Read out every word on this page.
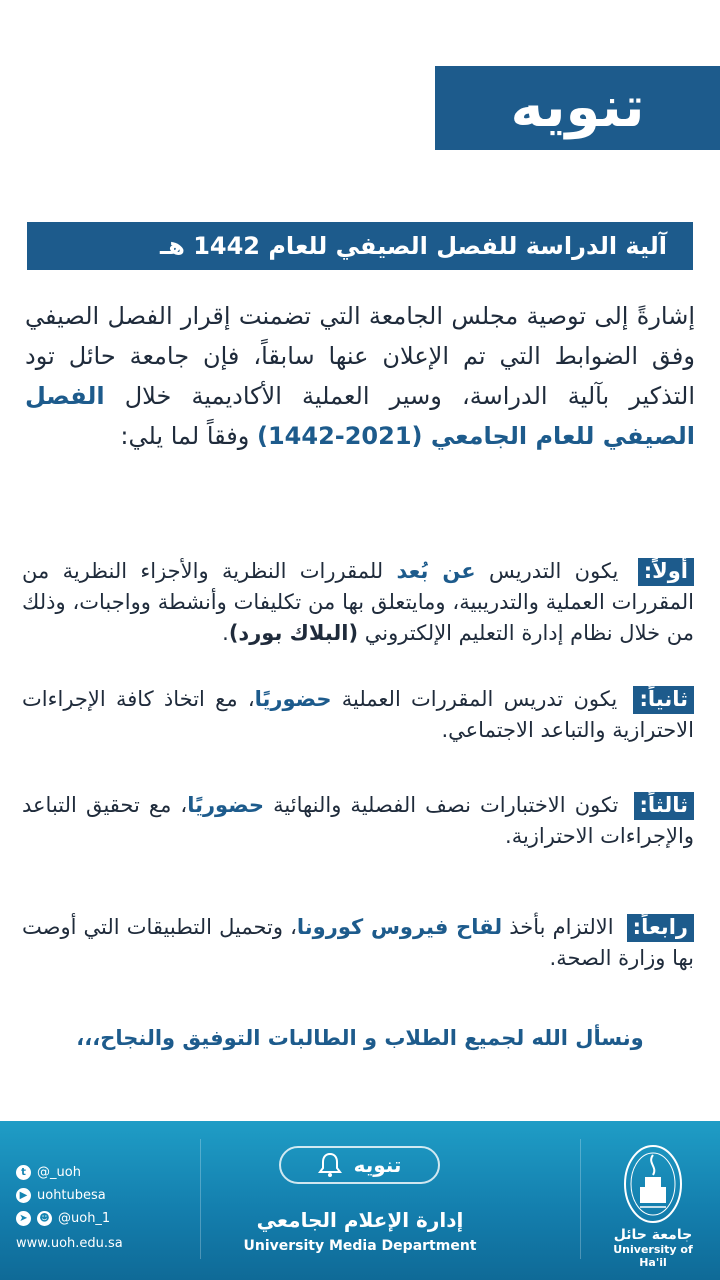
تنويه
آلية الدراسة للفصل الصيفي للعام 1442 هـ
إشارةً إلى توصية مجلس الجامعة التي تضمنت إقرار الفصل الصيفي وفق الضوابط التي تم الإعلان عنها سابقاً، فإن جامعة حائل تود التذكير بآلية الدراسة، وسير العملية الأكاديمية خلال الفصل الصيفي للعام الجامعي (2021-1442) وفقاً لما يلي:
أولاً: يكون التدريس عن بُعد للمقررات النظرية والأجزاء النظرية من المقررات العملية والتدريبية، ومايتعلق بها من تكليفات وأنشطة وواجبات، وذلك من خلال نظام إدارة التعليم الإلكتروني (البلاك بورد).
ثانياً: يكون تدريس المقررات العملية حضوريًا، مع اتخاذ كافة الإجراءات الاحترازية والتباعد الاجتماعي.
ثالثاً: تكون الاختبارات نصف الفصلية والنهائية حضوريًا، مع تحقيق التباعد والإجراءات الاحترازية.
رابعاً: الالتزام بأخذ لقاح فيروس كورونا، وتحميل التطبيقات التي أوصت بها وزارة الصحة.
ونسأل الله لجميع الطلاب و الطالبات التوفيق والنجاح،،،
t @_uoh
▶ uohtubesa
➤	☻ @uoh_1
www.uoh.edu.sa
تنويه
إدارة الإعلام الجامعي
University Media Department
جامعة حائل
University of Ha'il
